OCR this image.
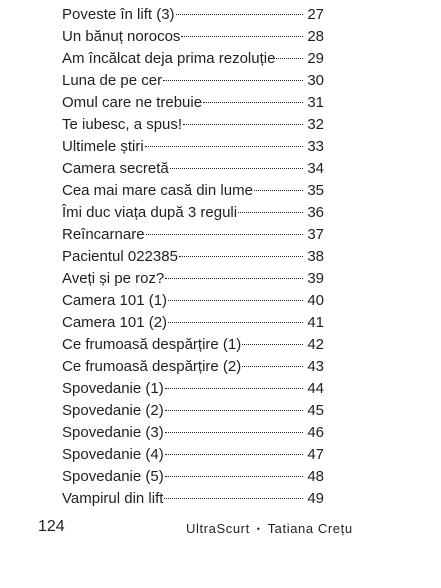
Poveste în lift (3)	27
Un bănuț norocos	28
Am încălcat deja prima rezoluție 29
Luna de pe cer	30
Omul care ne trebuie	31
Te iubesc, a spus!	32
Ultimele știri	33
Camera secretă	34
Cea mai mare casă din lume	35
Îmi duc viața după 3 reguli	36
Reîncarnare	37
Pacientul 022385	38
Aveți și pe roz?	39
Camera 101 (1)	40
Camera 101 (2)	41
Ce frumoasă despărțire (1)	42
Ce frumoasă despărțire (2)	43
Spovedanie (1)	44
Spovedanie (2)	45
Spovedanie (3)	46
Spovedanie (4)	47
Spovedanie (5)	48
Vampirul din lift	49
124	UltraScurt • Tatiana Crețu
